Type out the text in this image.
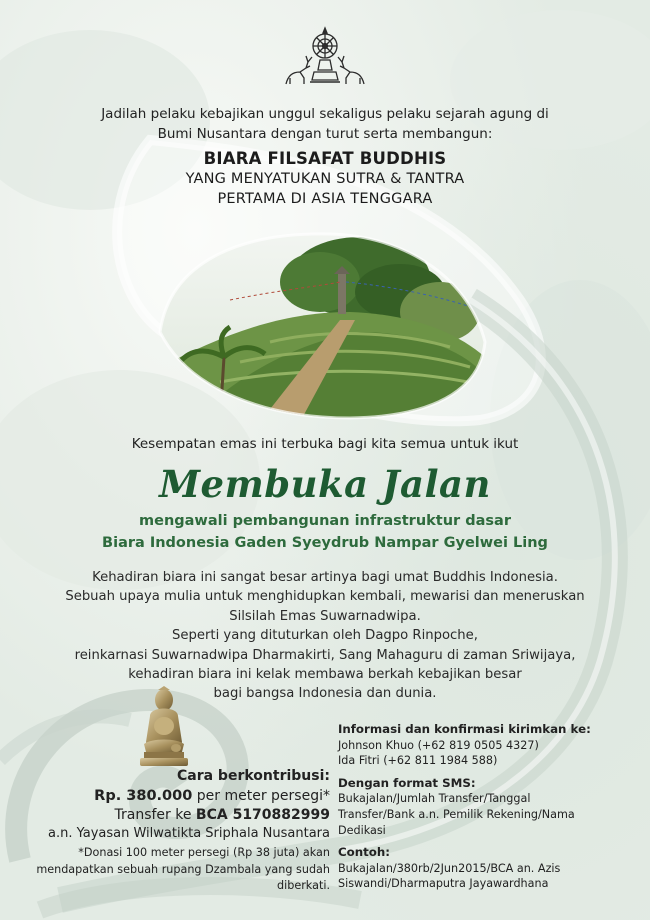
Jadilah pelaku kebajikan unggul sekaligus pelaku sejarah agung di
Bumi Nusantara dengan turut serta membangun:
BIARA FILSAFAT BUDDHIS
YANG MENYATUKAN SUTRA & TANTRA
PERTAMA DI ASIA TENGGARA
Kesempatan emas ini terbuka bagi kita semua untuk ikut
Membuka Jalan
mengawali pembangunan infrastruktur dasar
Biara Indonesia Gaden Syeydrub Nampar Gyelwei Ling
Kehadiran biara ini sangat besar artinya bagi umat Buddhis Indonesia.
Sebuah upaya mulia untuk menghidupkan kembali, mewarisi dan meneruskan
Silsilah Emas Suwarnadwipa.
Seperti yang dituturkan oleh Dagpo Rinpoche,
reinkarnasi Suwarnadwipa Dharmakirti, Sang Mahaguru di zaman Sriwijaya,
kehadiran biara ini kelak membawa berkah kebajikan besar
bagi bangsa Indonesia dan dunia.
Cara berkontribusi:
Rp. 380.000 per meter persegi*
Transfer ke BCA 5170882999
a.n. Yayasan Wilwatikta Sriphala Nusantara
*Donasi 100 meter persegi (Rp 38 juta) akan
mendapatkan sebuah rupang Dzambala yang sudah
diberkati.
Informasi dan konfirmasi kirimkan ke:
Johnson Khuo (+62 819 0505 4327)
Ida Fitri (+62 811 1984 588)
Dengan format SMS:
Bukajalan/Jumlah Transfer/Tanggal
Transfer/Bank a.n. Pemilik Rekening/Nama
Dedikasi
Contoh:
Bukajalan/380rb/2Jun2015/BCA an. Azis
Siswandi/Dharmaputra Jayawardhana
